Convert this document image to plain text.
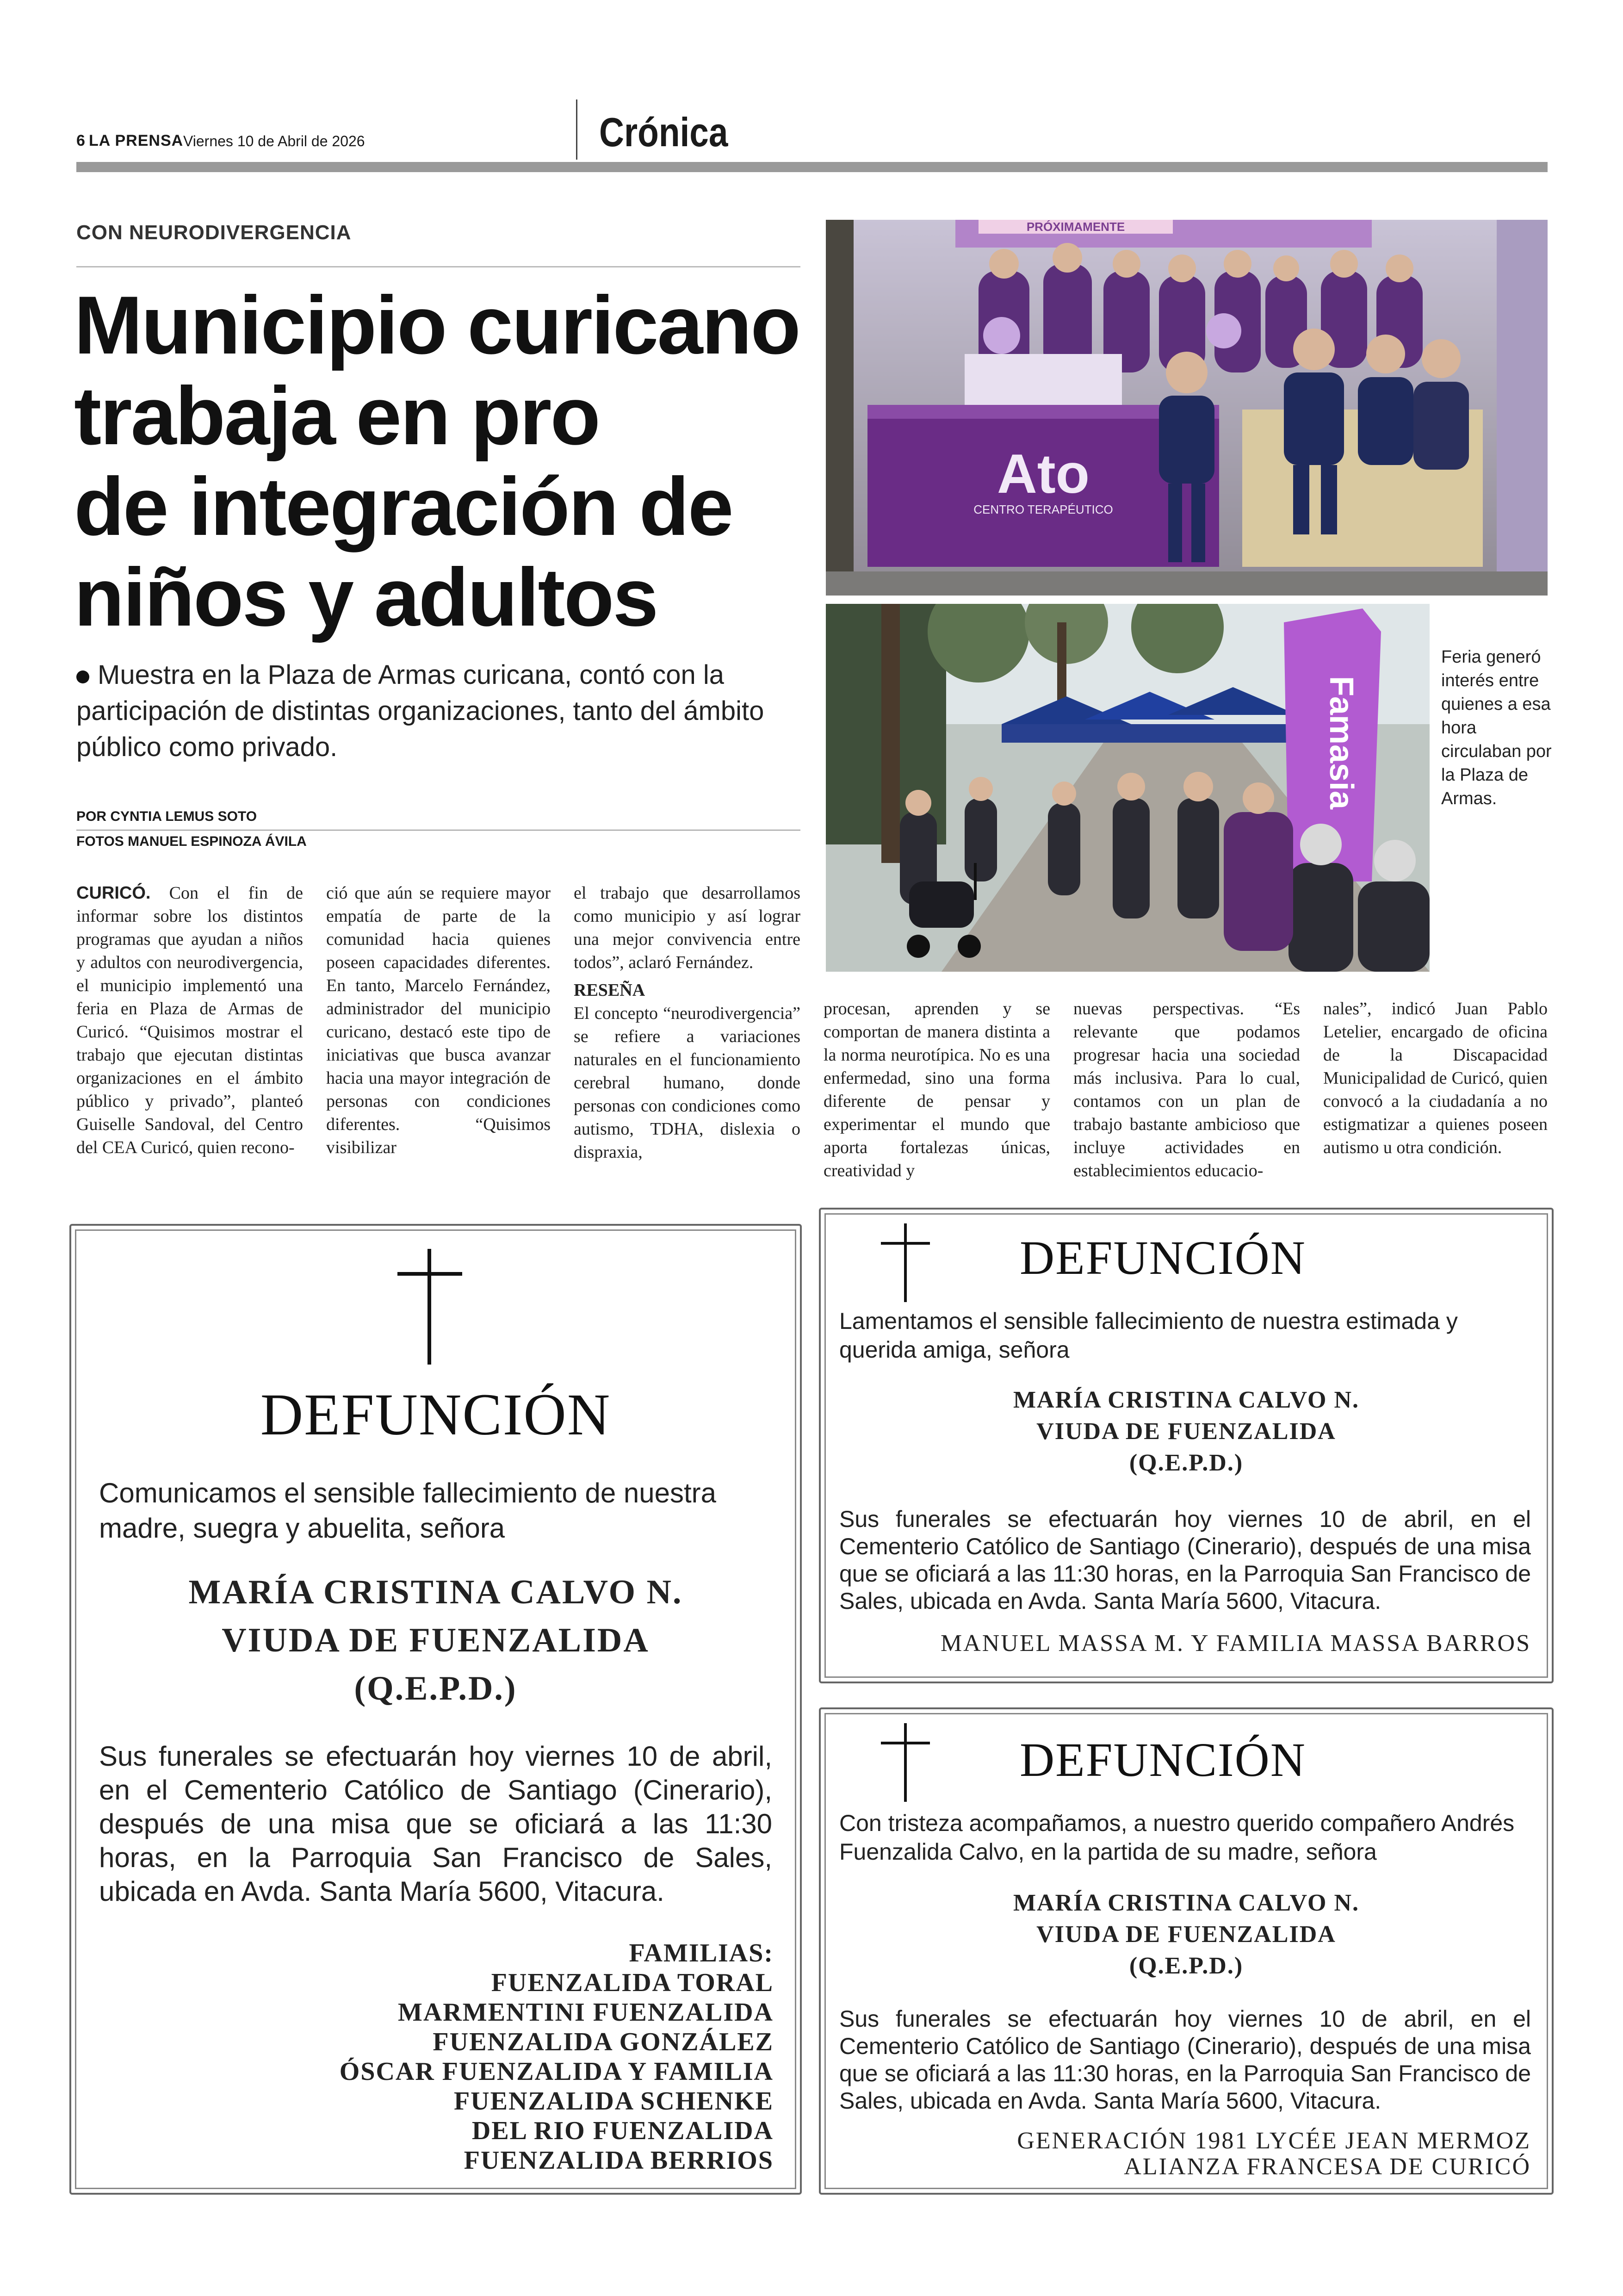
6 LA PRENSA Viernes 10 de Abril de 2026	Crónica
CON NEURODIVERGENCIA
Municipio curicano
trabaja en pro
de integración de
niños y adultos
Muestra en la Plaza de Armas curicana, contó con la participación de distintas organizaciones, tanto del ámbito público como privado.
POR CYNTIA LEMUS SOTO
FOTOS MANUEL ESPINOZA ÁVILA
CURICÓ. Con el fin de informar sobre los distintos programas que ayudan a niños y adultos con neurodivergencia, el municipio implementó una feria en Plaza de Armas de Curicó. “Quisimos mostrar el trabajo que ejecutan distintas organizaciones en el ámbito público y privado”, planteó Guiselle Sandoval, del Centro del CEA Curicó, quien recono-
ció que aún se requiere mayor empatía de parte de la comunidad hacia quienes poseen capacidades diferentes. En tanto, Marcelo Fernández, administrador del municipio curicano, destacó este tipo de iniciativas que busca avanzar hacia una mayor integración de personas con condiciones diferentes. “Quisimos visibilizar
el trabajo que desarrollamos como municipio y así lograr una mejor convivencia entre todos”, aclaró Fernández.
RESEÑA
El concepto “neurodivergencia” se refiere a variaciones naturales en el funcionamiento cerebral humano, donde personas con condiciones como autismo, TDHA, dislexia o dispraxia,
procesan, aprenden y se comportan de manera distinta a la norma neurotípica. No es una enfermedad, sino una forma diferente de pensar y experimentar el mundo que aporta fortalezas únicas, creatividad y
nuevas perspectivas. “Es relevante que podamos progresar hacia una sociedad más inclusiva. Para lo cual, contamos con un plan de trabajo bastante ambicioso que incluye actividades en establecimientos educacio-
nales”, indicó Juan Pablo Letelier, encargado de oficina de la Discapacidad Municipalidad de Curicó, quien convocó a la ciudadanía a no estigmatizar a quienes poseen autismo u otra condición.
PRÓXIMAMENTE
Ato
CENTRO TERAPÉUTICO
Famasia
Feria generó interés entre quienes a esa hora circulaban por la Plaza de Armas.
DEFUNCIÓN
Comunicamos el sensible fallecimiento de nuestra madre, suegra y abuelita, señora
MARÍA CRISTINA CALVO N.
VIUDA DE FUENZALIDA
(Q.E.P.D.)
Sus funerales se efectuarán hoy viernes 10 de abril, en el Cementerio Católico de Santiago (Cinerario), después de una misa que se oficiará a las 11:30 horas, en la Parroquia San Francisco de Sales, ubicada en Avda. Santa María 5600, Vitacura.
FAMILIAS:
FUENZALIDA TORAL
MARMENTINI FUENZALIDA
FUENZALIDA GONZÁLEZ
ÓSCAR FUENZALIDA Y FAMILIA
FUENZALIDA SCHENKE
DEL RIO FUENZALIDA
FUENZALIDA BERRIOS
DEFUNCIÓN
Lamentamos el sensible fallecimiento de nuestra estimada y querida amiga, señora
MARÍA CRISTINA CALVO N.
VIUDA DE FUENZALIDA
(Q.E.P.D.)
Sus funerales se efectuarán hoy viernes 10 de abril, en el Cementerio Católico de Santiago (Cinerario), después de una misa que se oficiará a las 11:30 horas, en la Parroquia San Francisco de Sales, ubicada en Avda. Santa María 5600, Vitacura.
MANUEL MASSA M. Y FAMILIA MASSA BARROS
DEFUNCIÓN
Con tristeza acompañamos, a nuestro querido compañero Andrés Fuenzalida Calvo, en la partida de su madre, señora
MARÍA CRISTINA CALVO N.
VIUDA DE FUENZALIDA
(Q.E.P.D.)
Sus funerales se efectuarán hoy viernes 10 de abril, en el Cementerio Católico de Santiago (Cinerario), después de una misa que se oficiará a las 11:30 horas, en la Parroquia San Francisco de Sales, ubicada en Avda. Santa María 5600, Vitacura.
GENERACIÓN 1981 LYCÉE JEAN MERMOZ
ALIANZA FRANCESA DE CURICÓ
